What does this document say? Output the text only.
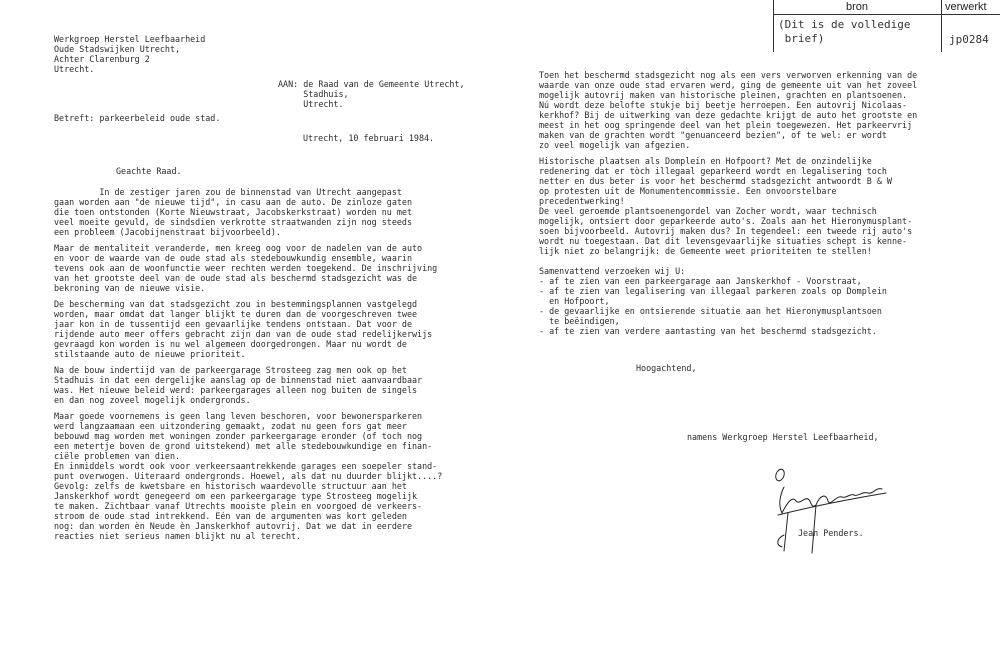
bron	verwerkt
(Dit is de volledige
brief)	jp0284
Werkgroep Herstel Leefbaarheid
Oude Stadswijken Utrecht,
Achter Clarenburg 2
Utrecht.
AAN: de Raad van de Gemeente Utrecht,
Stadhuis,
Utrecht.
Betreft: parkeerbeleid oude stad.
Utrecht, 10 februari 1984.
Geachte Raad.
In de zestiger jaren zou de binnenstad van Utrecht aangepast
gaan worden aan "de nieuwe tijd", in casu aan de auto. De zinloze gaten
die toen ontstonden (Korte Nieuwstraat, Jacobskerkstraat) worden nu met
veel moeite gevuld, de sindsdien verkrotte straatwanden zijn nog steeds
een probleem (Jacobijnenstraat bijvoorbeeld).
Maar de mentaliteit veranderde, men kreeg oog voor de nadelen van de auto
en voor de waarde van de oude stad als stedebouwkundig ensemble, waarin
tevens ook aan de woonfunctie weer rechten werden toegekend. De inschrijving
van het grootste deel van de oude stad als beschermd stadsgezicht was de
bekroning van de nieuwe visie.
De bescherming van dat stadsgezicht zou in bestemmingsplannen vastgelegd
worden, maar omdat dat langer blijkt te duren dan de voorgeschreven twee
jaar kon in de tussentijd een gevaarlijke tendens ontstaan. Dat voor de
rijdende auto meer offers gebracht zijn dan van de oude stad redelijkerwijs
gevraagd kon worden is nu wel algemeen doorgedrongen. Maar nu wordt de
stilstaande auto de nieuwe prioriteit.
Na de bouw indertijd van de parkeergarage Strosteeg zag men ook op het
Stadhuis in dat een dergelijke aanslag op de binnenstad niet aanvaardbaar
was. Het nieuwe beleid werd: parkeergarages alleen nog buiten de singels
en dan nog zoveel mogelijk ondergronds.
Maar goede voornemens is geen lang leven beschoren, voor bewonersparkeren
werd langzaamaan een uitzondering gemaakt, zodat nu geen fors gat meer
bebouwd mag worden met woningen zonder parkeergarage eronder (of toch nog
een metertje boven de grond uitstekend) met alle stedebouwkundige en finan-
ciële problemen van dien.
En inmiddels wordt ook voor verkeersaantrekkende garages een soepeler stand-
punt overwogen. Uiteraard ondergronds. Hoewel, als dat nu duurder blijkt....?
Gevolg: zelfs de kwetsbare en historisch waardevolle structuur aan het
Janskerkhof wordt genegeerd om een parkeergarage type Strosteeg mogelijk
te maken. Zichtbaar vanaf Utrechts mooiste plein en voorgoed de verkeers-
stroom de oude stad intrekkend. Eén van de argumenten was kort geleden
nog: dan worden èn Neude èn Janskerkhof autovrij. Dat we dat in eerdere
reacties niet serieus namen blijkt nu al terecht.
Toen het beschermd stadsgezicht nog als een vers verworven erkenning van de
waarde van onze oude stad ervaren werd, ging de gemeente uit van het zoveel
mogelijk autovrij maken van historische pleinen, grachten en plantsoenen.
Nú wordt deze belofte stukje bij beetje herroepen. Een autovrij Nicolaas-
kerkhof? Bij de uitwerking van deze gedachte krijgt de auto het grootste en
meest in het oog springende deel van het plein toegewezen. Het parkeervrij
maken van de grachten wordt "genuanceerd bezien", of te wel: er wordt
zo veel mogelijk van afgezien.
Historische plaatsen als Domplein en Hofpoort? Met de onzindelijke
redenering dat er tòch illegaal geparkeerd wordt en legalisering toch
netter en dus beter is voor het beschermd stadsgezicht antwoordt B & W
op protesten uit de Monumentencommissie. Een onvoorstelbare
precedentwerking!
De veel geroemde plantsoenengordel van Zocher wordt, waar technisch
mogelijk, ontsiert door geparkeerde auto's. Zoals aan het Hieronymusplant-
soen bijvoorbeeld. Autovrij maken dus? In tegendeel: een tweede rij auto's
wordt nu toegestaan. Dat dit levensgevaarlijke situaties schept is kenne-
lijk niet zo belangrijk: de Gemeente weet prioriteiten te stellen!
Samenvattend verzoeken wij U:
- af te zien van een parkeergarage aan Janskerkhof - Voorstraat,
- af te zien van legalisering van illegaal parkeren zoals op Domplein
en Hofpoort,
- de gevaarlijke en ontsierende situatie aan het Hieronymusplantsoen
te beëindigen,
- af te zien van verdere aantasting van het beschermd stadsgezicht.
Hoogachtend,
namens Werkgroep Herstel Leefbaarheid,
Jean Penders.
